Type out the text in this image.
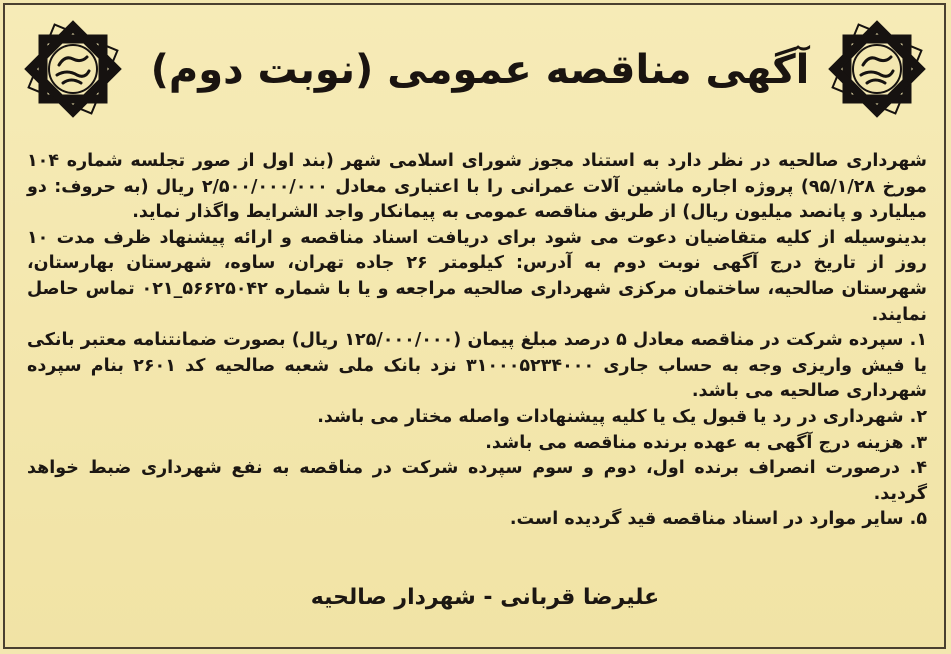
آگهی مناقصه عمومی (نوبت دوم)

شهرداری صالحیه در نظر دارد به استناد مجوز شورای اسلامی شهر (بند اول از صور تجلسه شماره ۱۰۴ مورخ ۹۵/۱/۲۸) پروژه اجاره ماشین آلات عمرانی را با اعتباری معادل ۲/۵۰۰/۰۰۰/۰۰۰ ریال (به حروف: دو میلیارد و پانصد میلیون ریال) از طریق مناقصه عمومی به پیمانکار واجد الشرایط واگذار نماید.

بدینوسیله از کلیه متقاضیان دعوت می شود برای دریافت اسناد مناقصه و ارائه پیشنهاد ظرف مدت ۱۰ روز از تاریخ درج آگهی نوبت دوم به آدرس: کیلومتر ۲۶ جاده تهران، ساوه، شهرستان بهارستان، شهرستان صالحیه، ساختمان مرکزی شهرداری صالحیه مراجعه و یا با شماره ۵۶۶۲۵۰۴۲_۰۲۱ تماس حاصل نمایند.

۱. سپرده شرکت در مناقصه معادل ۵ درصد مبلغ پیمان (۱۲۵/۰۰۰/۰۰۰ ریال) بصورت ضمانتنامه معتبر بانکی یا فیش واریزی وجه به حساب جاری ۳۱۰۰۰۵۲۳۴۰۰۰ نزد بانک ملی شعبه صالحیه کد ۲۶۰۱ بنام سپرده شهرداری صالحیه می باشد.

۲. شهرداری در رد یا قبول یک یا کلیه پیشنهادات واصله مختار می باشد.

۳. هزینه درج آگهی به عهده برنده مناقصه می باشد.

۴. درصورت انصراف برنده اول، دوم و سوم سپرده شرکت در مناقصه به نفع شهرداری ضبط خواهد گردید.

۵. سایر موارد در اسناد مناقصه قید گردیده است.

علیرضا قربانی - شهردار صالحیه
